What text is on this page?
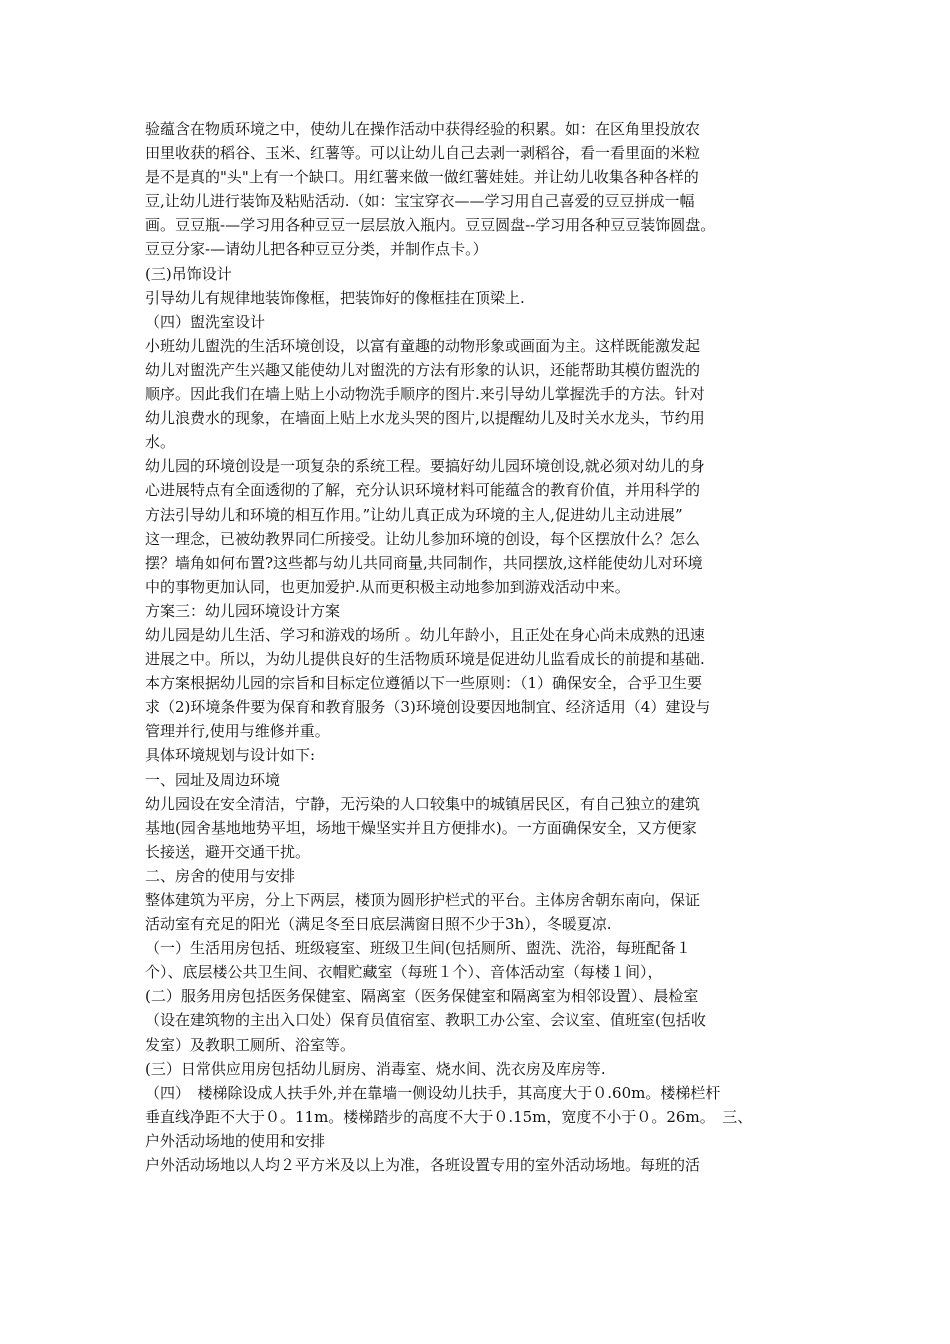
验蕴含在物质环境之中，使幼儿在操作活动中获得经验的积累。如：在区角里投放农
田里收获的稻谷、玉米、红薯等。可以让幼儿自己去剥一剥稻谷，看一看里面的米粒
是不是真的"头"上有一个缺口。用红薯来做一做红薯娃娃。并让幼儿收集各种各样的
豆,让幼儿进行装饰及粘贴活动.（如：宝宝穿衣——学习用自己喜爱的豆豆拼成一幅
画。豆豆瓶-—学习用各种豆豆一层层放入瓶内。豆豆圆盘--学习用各种豆豆装饰圆盘。
豆豆分家-—请幼儿把各种豆豆分类，并制作点卡。）
(三)吊饰设计
引导幼儿有规律地装饰像框，把装饰好的像框挂在顶梁上.
（四）盥洗室设计
小班幼儿盥洗的生活环境创设，以富有童趣的动物形象或画面为主。这样既能激发起
幼儿对盥洗产生兴趣又能使幼儿对盥洗的方法有形象的认识，还能帮助其模仿盥洗的
顺序。因此我们在墙上贴上小动物洗手顺序的图片.来引导幼儿掌握洗手的方法。针对
幼儿浪费水的现象，在墙面上贴上水龙头哭的图片,以提醒幼儿及时关水龙头，节约用
水。
幼儿园的环境创设是一项复杂的系统工程。要搞好幼儿园环境创设,就必须对幼儿的身
心进展特点有全面透彻的了解，充分认识环境材料可能蕴含的教育价值，并用科学的
方法引导幼儿和环境的相互作用。”让幼儿真正成为环境的主人,促进幼儿主动进展”
这一理念，已被幼教界同仁所接受。让幼儿参加环境的创设，每个区摆放什么？怎么
摆？墙角如何布置?这些都与幼儿共同商量,共同制作，共同摆放,这样能使幼儿对环境
中的事物更加认同，也更加爱护.从而更积极主动地参加到游戏活动中来。
方案三：幼儿园环境设计方案
幼儿园是幼儿生活、学习和游戏的场所 。幼儿年龄小，且正处在身心尚未成熟的迅速
进展之中。所以，为幼儿提供良好的生活物质环境是促进幼儿监看成长的前提和基础.
本方案根据幼儿园的宗旨和目标定位遵循以下一些原则：（1）确保安全，合乎卫生要
求（2)环境条件要为保育和教育服务（3)环境创设要因地制宜、经济适用（4）建设与
管理并行,使用与维修并重。
具体环境规划与设计如下:
一、园址及周边环境
幼儿园设在安全清洁，宁静，无污染的人口较集中的城镇居民区，有自己独立的建筑
基地(园舍基地地势平坦，场地干燥坚实并且方便排水)。一方面确保安全，又方便家
长接送，避开交通干扰。
二、房舍的使用与安排
整体建筑为平房，分上下两层，楼顶为圆形护栏式的平台。主体房舍朝东南向，保证
活动室有充足的阳光（满足冬至日底层满窗日照不少于3h），冬暖夏凉.
（一）生活用房包括、班级寝室、班级卫生间(包括厕所、盥洗、洗浴，每班配备１
个）、底层楼公共卫生间、衣帽贮藏室（每班１个）、音体活动室（每楼１间），
(二）服务用房包括医务保健室、隔离室（医务保健室和隔离室为相邻设置）、晨检室
（设在建筑物的主出入口处）保育员值宿室、教职工办公室、会议室、值班室(包括收
发室）及教职工厕所、浴室等。
(三）日常供应用房包括幼儿厨房、消毒室、烧水间、洗衣房及库房等.
（四）　楼梯除设成人扶手外,并在靠墙一侧设幼儿扶手，其高度大于０.60m。楼梯栏杆
垂直线净距不大于０。11m。楼梯踏步的高度不大于０.15m，宽度不小于０。26m。　三、
户外活动场地的使用和安排
户外活动场地以人均２平方米及以上为准，各班设置专用的室外活动场地。每班的活
